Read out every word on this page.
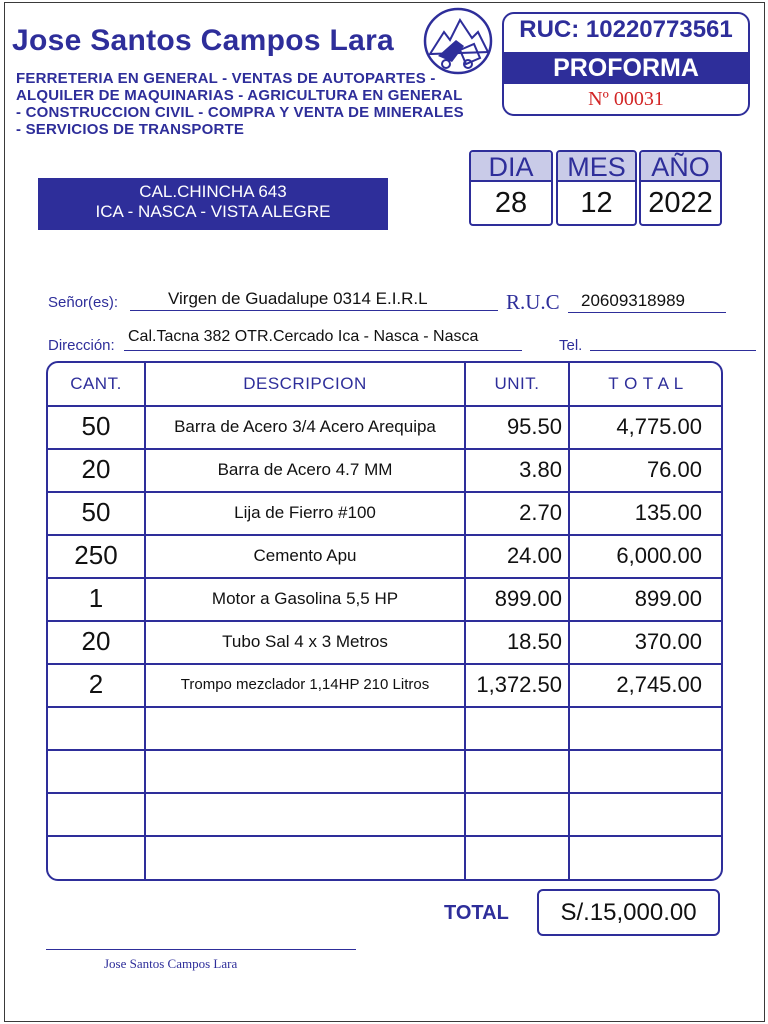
Jose Santos Campos Lara
FERRETERIA EN GENERAL - VENTAS DE AUTOPARTES - ALQUILER DE MAQUINARIAS - AGRICULTURA EN GENERAL - CONSTRUCCION CIVIL - COMPRA Y VENTA DE MINERALES - SERVICIOS DE TRANSPORTE
RUC: 10220773561
PROFORMA
Nº 00031
CAL.CHINCHA 643
ICA - NASCA - VISTA ALEGRE
DIA
28
MES
12
AÑO
2022
Señor(es):	Virgen de Guadalupe 0314 E.I.R.L	R.U.C 20609318989
Dirección:
Cal.Tacna 382 OTR.Cercado Ica - Nasca - Nasca
Tel.
CANT.	DESCRIPCION	UNIT.	T O T A L
50	Barra de Acero 3/4 Acero Arequipa	95.50	4,775.00
20	Barra de Acero 4.7 MM	3.80	76.00
50	Lija de Fierro #100	2.70	135.00
250	Cemento Apu	24.00	6,000.00
1	Motor a Gasolina 5,5 HP	899.00	899.00
20	Tubo Sal 4 x 3 Metros	18.50	370.00
2	Trompo mezclador 1,14HP 210 Litros	1,372.50	2,745.00
TOTAL	S/.15,000.00
Jose Santos Campos Lara
